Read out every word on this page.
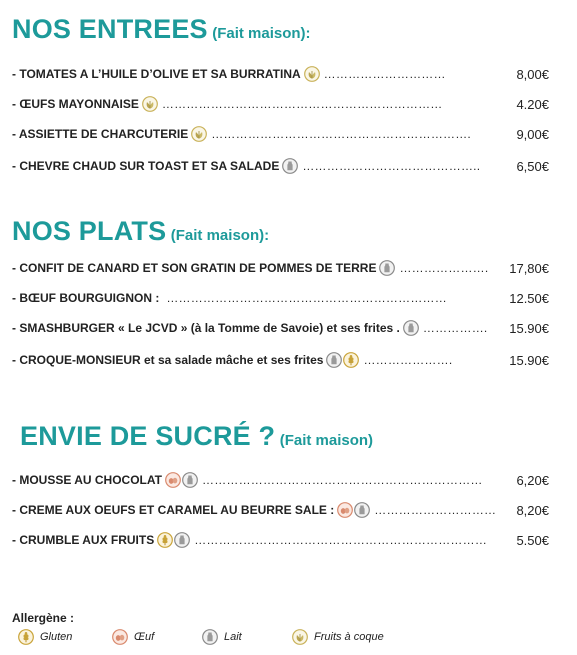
NOS ENTREES (Fait maison):
- TOMATES A L’HUILE D’OLIVE ET SA BURRATINA …………………………	8,00€
- ŒUFS MAYONNAISE ……………………………………………………………	4.20€
- ASSIETTE DE CHARCUTERIE ……………………………………………………….	9,00€
- CHEVRE CHAUD SUR TOAST ET SA SALADE ……………………………………..	6,50€
NOS PLATS (Fait maison):
- CONFIT DE CANARD ET SON GRATIN DE POMMES DE TERRE ………………….	17,80€
- BŒUF BOURGUIGNON : ……………………………………………………………	12.50€
- SMASHBURGER « Le JCVD » (à la Tomme de Savoie) et ses frites . …………….	15.90€
- CROQUE-MONSIEUR et sa salade mâche et ses frites	………………….	15.90€
ENVIE DE SUCRÉ ? (Fait maison)
- MOUSSE AU CHOCOLAT	……………………………………………………………	6,20€
- CREME AUX OEUFS ET CARAMEL AU BEURRE SALE :	…………………………	8,20€
- CRUMBLE AUX FRUITS	………………………………………………………………	5.50€
Allergène :
Gluten	Œuf	Lait	Fruits à coque
